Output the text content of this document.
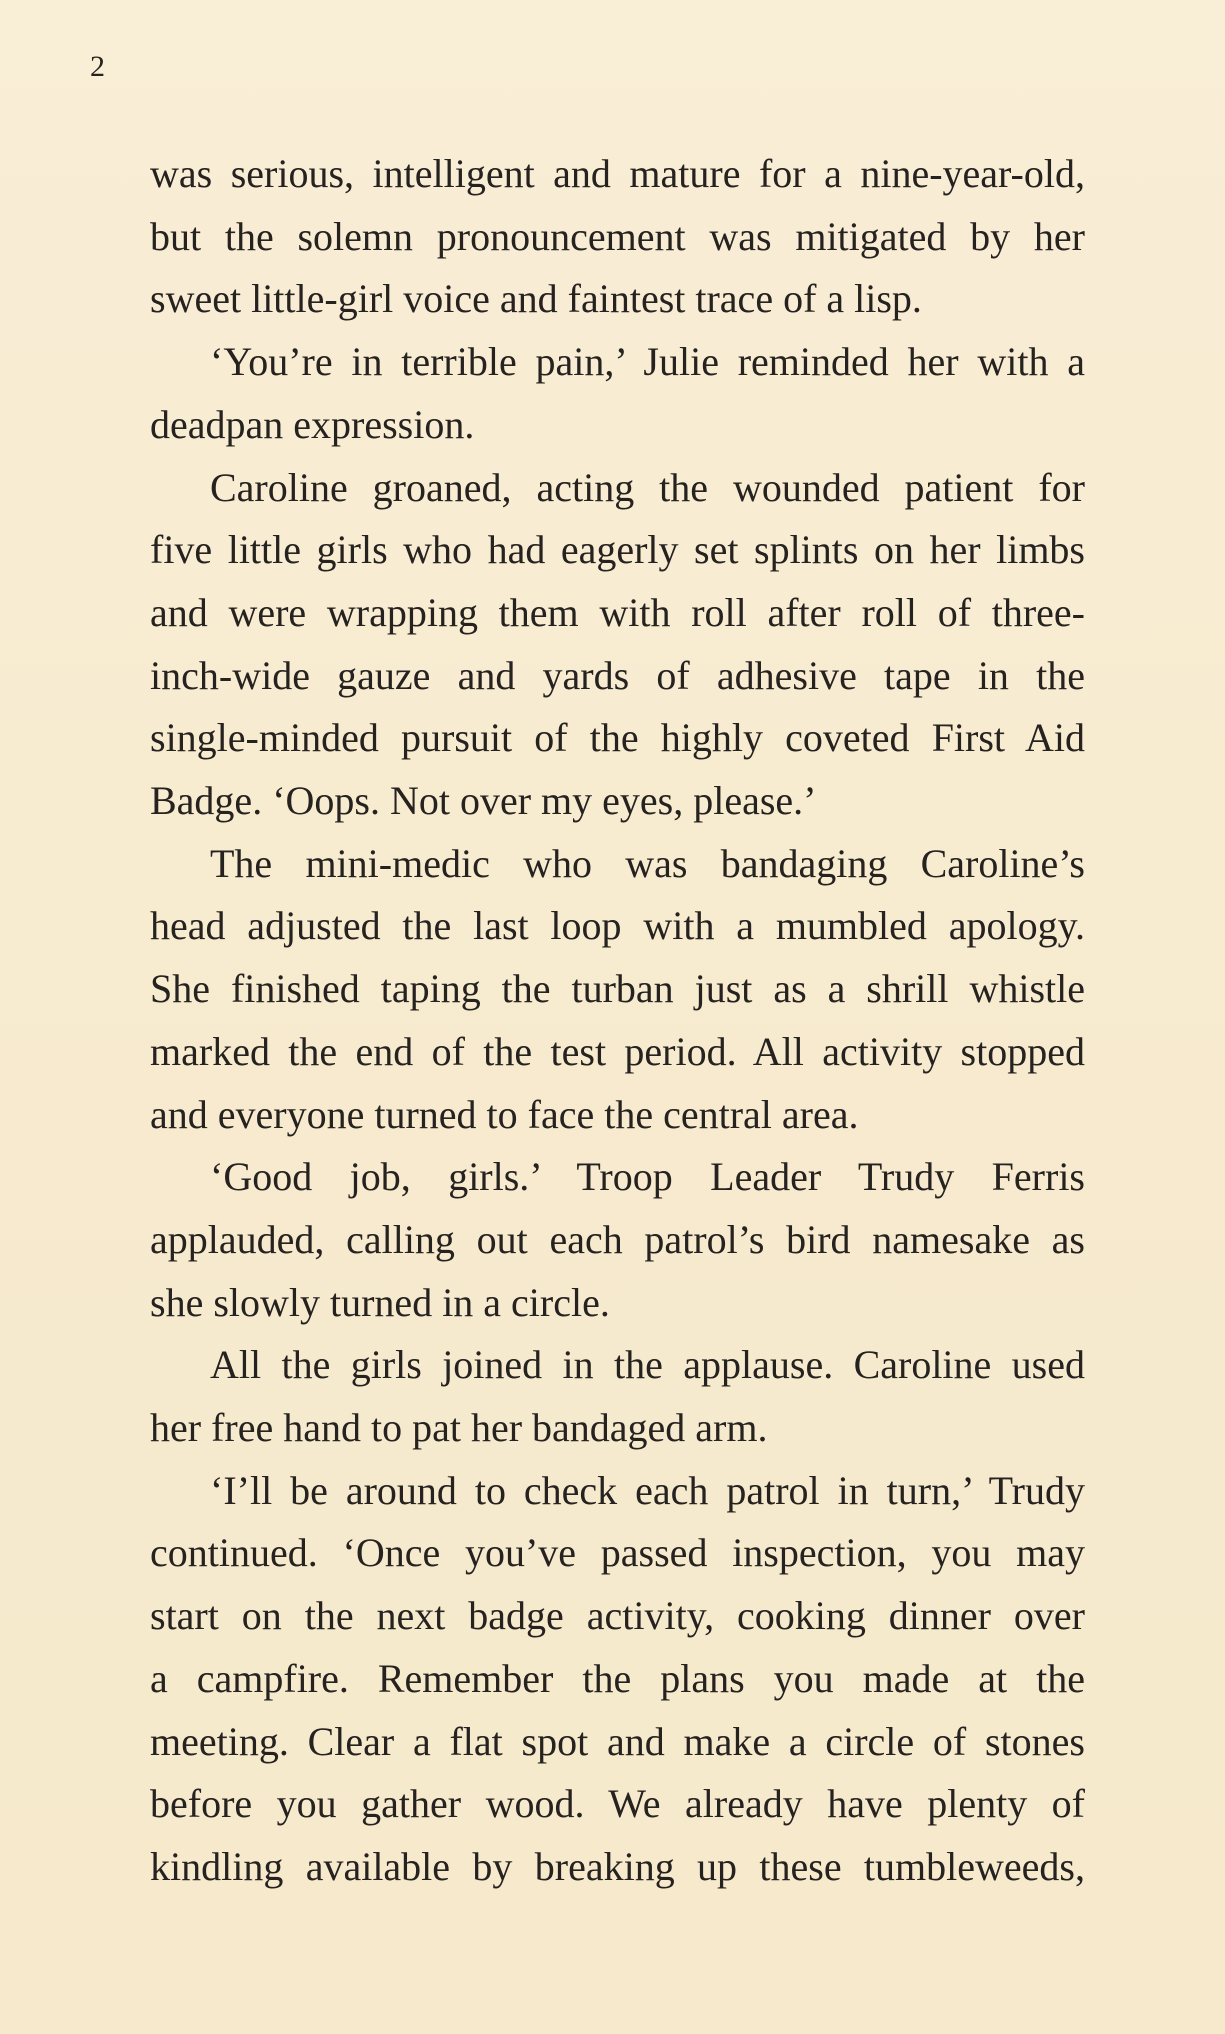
2
was serious, intelligent and mature for a nine-year-old,
but the solemn pronouncement was mitigated by her
sweet little-girl voice and faintest trace of a lisp.
‘You’re in terrible pain,’ Julie reminded her with a
deadpan expression.
Caroline groaned, acting the wounded patient for
five little girls who had eagerly set splints on her limbs
and were wrapping them with roll after roll of three-
inch-wide gauze and yards of adhesive tape in the
single-minded pursuit of the highly coveted First Aid
Badge. ‘Oops. Not over my eyes, please.’
The mini-medic who was bandaging Caroline’s
head adjusted the last loop with a mumbled apology.
She finished taping the turban just as a shrill whistle
marked the end of the test period. All activity stopped
and everyone turned to face the central area.
‘Good job, girls.’ Troop Leader Trudy Ferris
applauded, calling out each patrol’s bird namesake as
she slowly turned in a circle.
All the girls joined in the applause. Caroline used
her free hand to pat her bandaged arm.
‘I’ll be around to check each patrol in turn,’ Trudy
continued. ‘Once you’ve passed inspection, you may
start on the next badge activity, cooking dinner over
a campfire. Remember the plans you made at the
meeting. Clear a flat spot and make a circle of stones
before you gather wood. We already have plenty of
kindling available by breaking up these tumbleweeds,
